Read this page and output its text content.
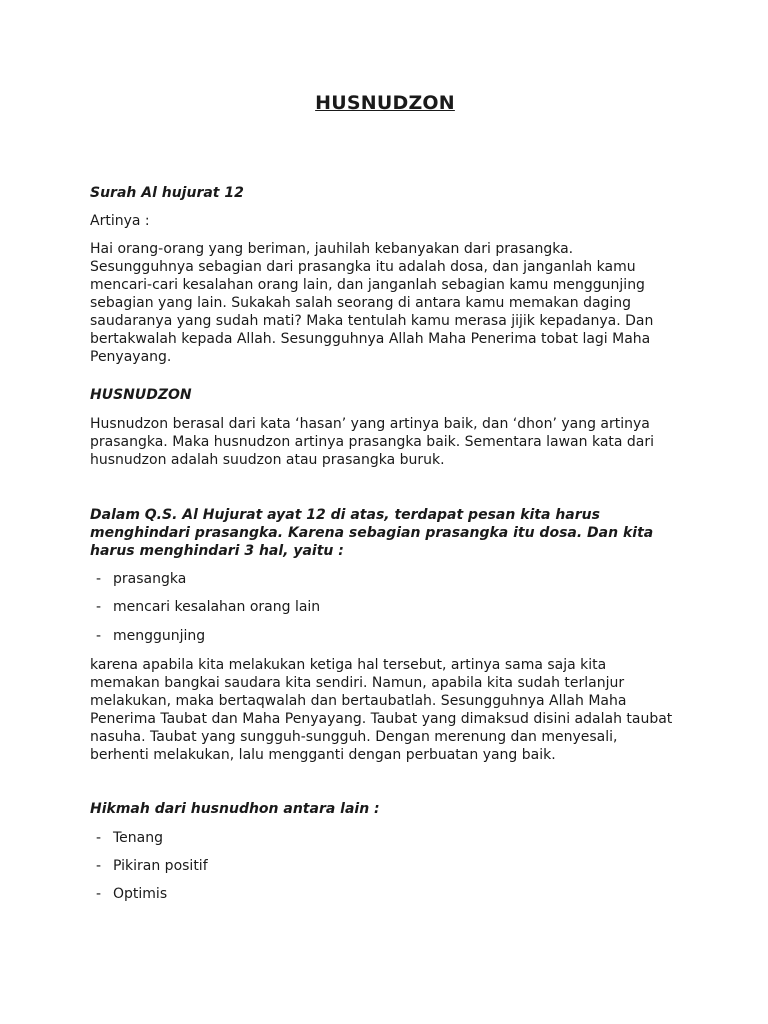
HUSNUDZON

Surah Al hujurat 12

Artinya :

Hai orang-orang yang beriman, jauhilah kebanyakan dari prasangka. Sesungguhnya sebagian dari prasangka itu adalah dosa, dan janganlah kamu mencari-cari kesalahan orang lain, dan janganlah sebagian kamu menggunjing sebagian yang lain. Sukakah salah seorang di antara kamu memakan daging saudaranya yang sudah mati? Maka tentulah kamu merasa jijik kepadanya. Dan bertakwalah kepada Allah. Sesungguhnya Allah Maha Penerima tobat lagi Maha Penyayang.

HUSNUDZON

Husnudzon berasal dari kata ‘hasan’ yang artinya baik, dan ‘dhon’ yang artinya prasangka. Maka husnudzon artinya prasangka baik. Sementara lawan kata dari husnudzon adalah suudzon atau prasangka buruk.

Dalam Q.S. Al Hujurat ayat 12 di atas, terdapat pesan kita harus menghindari prasangka. Karena sebagian prasangka itu dosa. Dan kita harus menghindari 3 hal, yaitu :

- prasangka
- mencari kesalahan orang lain
- menggunjing

karena apabila kita melakukan ketiga hal tersebut, artinya sama saja kita memakan bangkai saudara kita sendiri. Namun, apabila kita sudah terlanjur melakukan, maka bertaqwalah dan bertaubatlah. Sesungguhnya Allah Maha Penerima Taubat dan Maha Penyayang. Taubat yang dimaksud disini adalah taubat nasuha. Taubat yang sungguh-sungguh. Dengan merenung dan menyesali, berhenti melakukan, lalu mengganti dengan perbuatan yang baik.

Hikmah dari husnudhon antara lain :

- Tenang
- Pikiran positif
- Optimis
